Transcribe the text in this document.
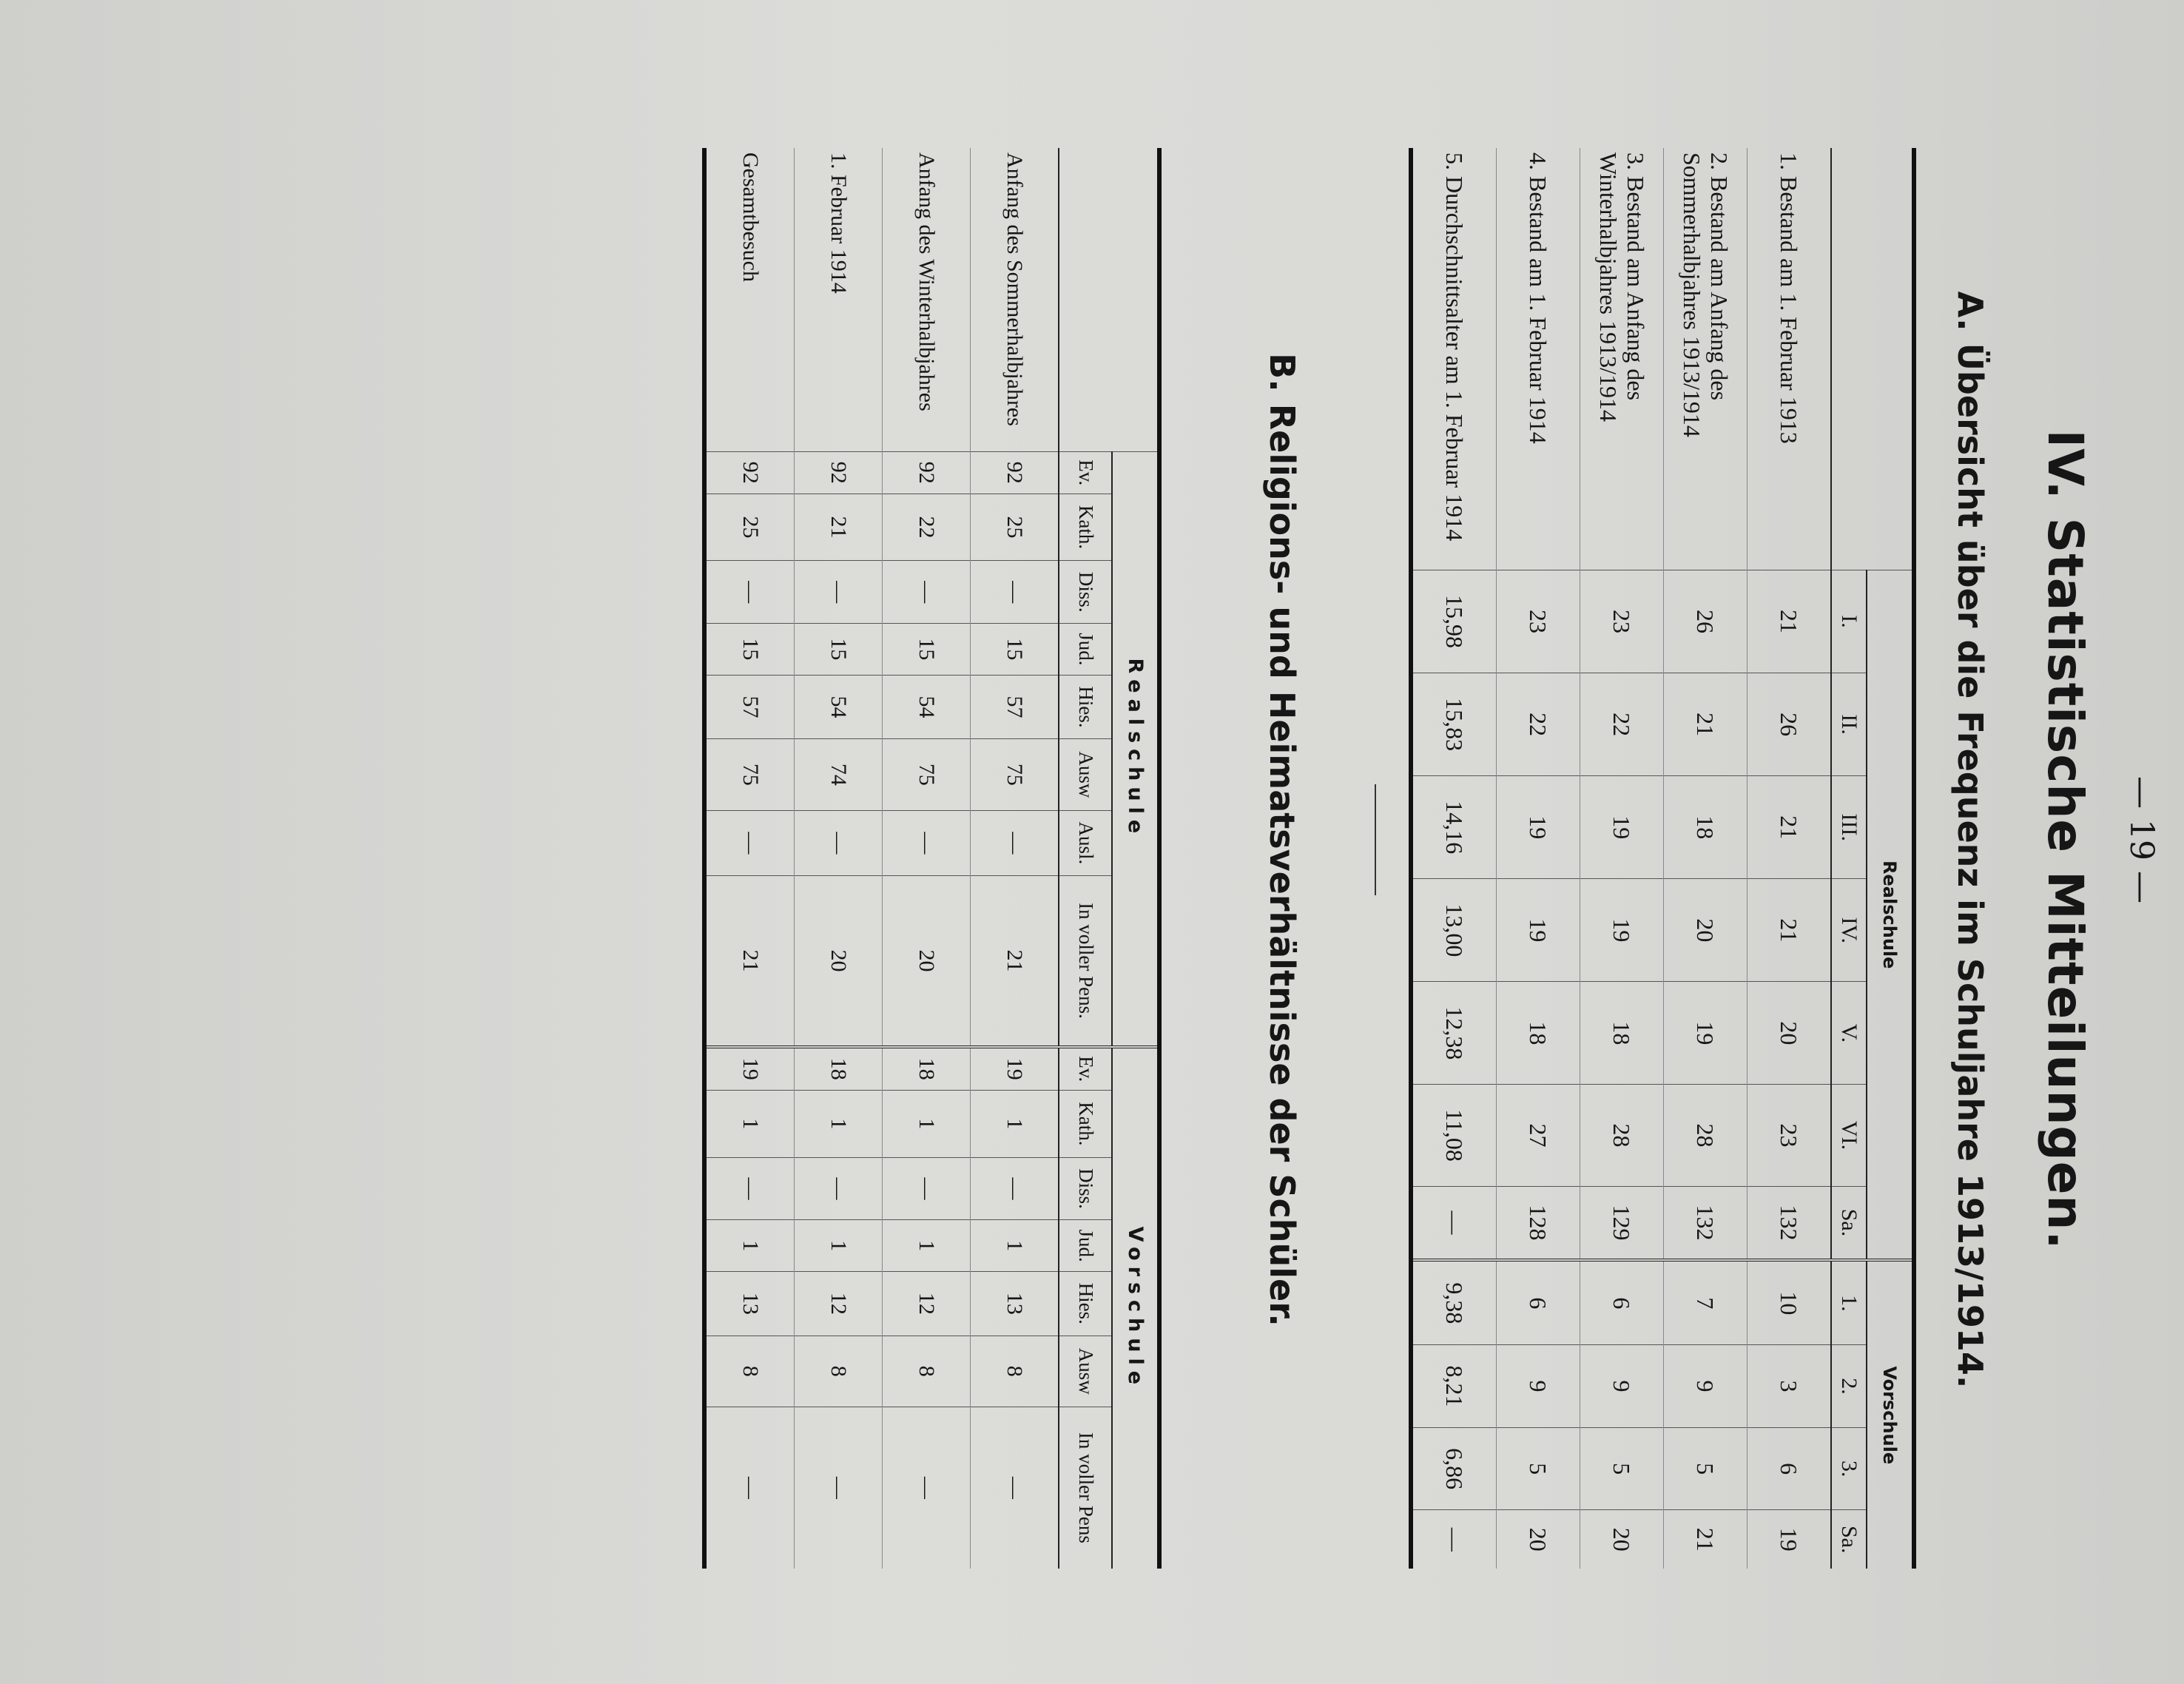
— 19 —
IV. Statistische Mitteilungen.
A. Übersicht über die Frequenz im Schuljahre 1913/1914.
	Realschule							Vorschule			
	I.	II.	III.	IV.	V.	VI.	Sa.	1.	2.	3.	Sa.
1. Bestand am 1. Februar 1913	21	26	21	21	20	23	132	10	3	6	19
2. Bestand am Anfang des Sommerhalbjahres 1913/1914	26	21	18	20	19	28	132	7	9	5	21
3. Bestand am Anfang des Winterhalbjahres 1913/1914	23	22	19	19	18	28	129	6	9	5	20
4. Bestand am 1. Februar 1914	23	22	19	19	18	27	128	6	9	5	20
5. Durchschnittsalter am 1. Februar 1914	15,98	15,83	14,16	13,00	12,38	11,08	—	9,38	8,21	6,86	—
B. Religions- und Heimatsverhältnisse der Schüler.
	Realschule								Vorschule						
	Ev.	Kath.	Diss.	Jud.	Hies.	Ausw	Ausl.	In voller Pens.	Ev.	Kath.	Diss.	Jud.	Hies.	Ausw	In voller Pens
Anfang des Sommerhalbjahres	92	25	—	15	57	75	—	21	19	1	—	1	13	8	—
Anfang des Winterhalbjahres	92	22	—	15	54	75	—	20	18	1	—	1	12	8	—
1. Februar 1914	92	21	—	15	54	74	—	20	18	1	—	1	12	8	—
Gesamtbesuch	92	25	—	15	57	75	—	21	19	1	—	1	13	8	—
